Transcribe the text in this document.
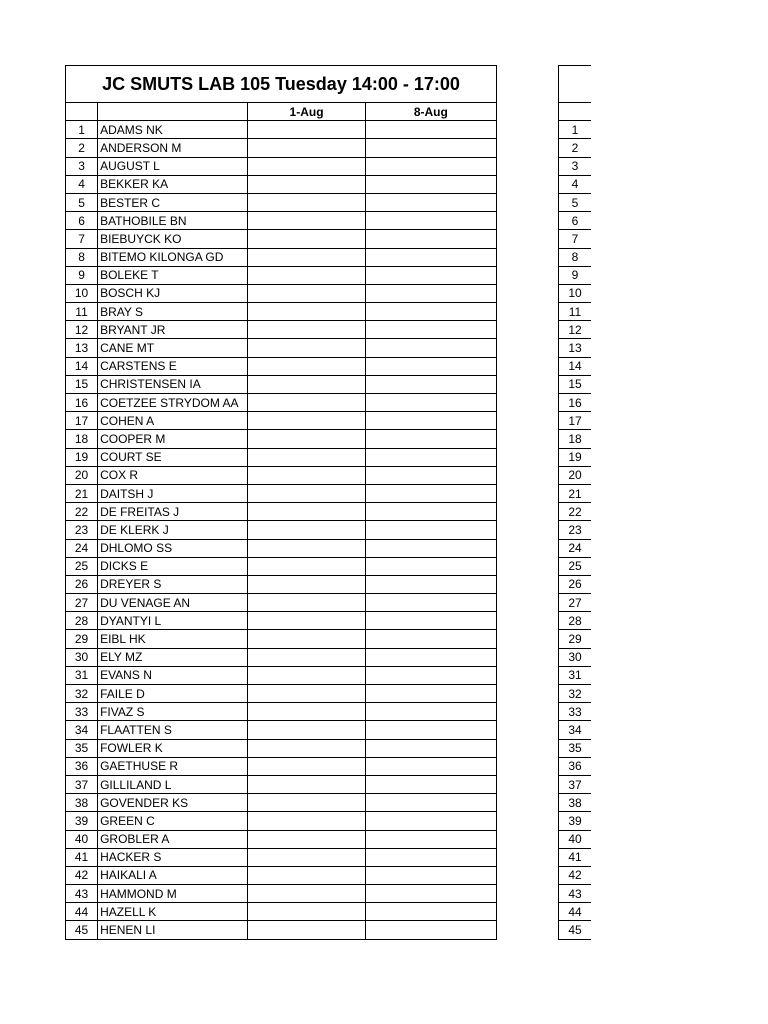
JC SMUTS LAB 105 Tuesday 14:00 - 17:00			
		1-Aug	8-Aug
1	ADAMS NK		
2	ANDERSON M		
3	AUGUST L		
4	BEKKER KA		
5	BESTER C		
6	BATHOBILE BN		
7	BIEBUYCK KO		
8	BITEMO KILONGA GD		
9	BOLEKE T		
10	BOSCH KJ		
11	BRAY S		
12	BRYANT JR		
13	CANE MT		
14	CARSTENS E		
15	CHRISTENSEN IA		
16	COETZEE STRYDOM AA		
17	COHEN A		
18	COOPER M		
19	COURT SE		
20	COX R		
21	DAITSH J		
22	DE FREITAS J		
23	DE KLERK J		
24	DHLOMO SS		
25	DICKS E		
26	DREYER S		
27	DU VENAGE AN		
28	DYANTYI L		
29	EIBL HK		
30	ELY MZ		
31	EVANS N		
32	FAILE D		
33	FIVAZ S		
34	FLAATTEN S		
35	FOWLER K		
36	GAETHUSE R		
37	GILLILAND L		
38	GOVENDER KS		
39	GREEN C		
40	GROBLER A		
41	HACKER S		
42	HAIKALI A		
43	HAMMOND M		
44	HAZELL K		
45	HENEN LI		

1
2
3
4
5
6
7
8
9
10
11
12
13
14
15
16
17
18
19
20
21
22
23
24
25
26
27
28
29
30
31
32
33
34
35
36
37
38
39
40
41
42
43
44
45
